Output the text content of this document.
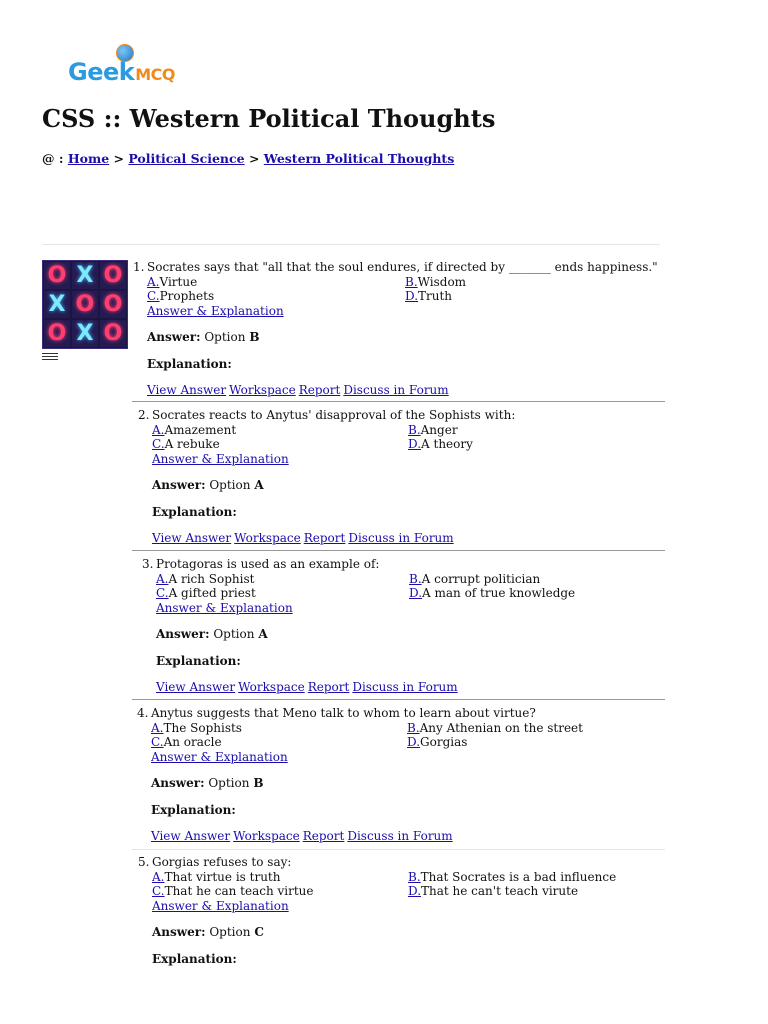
GeekMCQ
CSS :: Western Political Thoughts
@ : Home > Political Science > Western Political Thoughts
O X O
X O O
O X O
1. Socrates says that "all that the soul endures, if directed by _______ ends happiness."
A.Virtue	B.Wisdom
C.Prophets	D.Truth
Answer & Explanation
Answer: Option B
Explanation:
View Answer Workspace Report Discuss in Forum
2. Socrates reacts to Anytus' disapproval of the Sophists with:
A.Amazement	B.Anger
C.A rebuke	D.A theory
Answer & Explanation
Answer: Option A
Explanation:
View Answer Workspace Report Discuss in Forum
3. Protagoras is used as an example of:
A.A rich Sophist	B.A corrupt politician
C.A gifted priest	D.A man of true knowledge
Answer & Explanation
Answer: Option A
Explanation:
View Answer Workspace Report Discuss in Forum
4. Anytus suggests that Meno talk to whom to learn about virtue?
A.The Sophists	B.Any Athenian on the street
C.An oracle	D.Gorgias
Answer & Explanation
Answer: Option B
Explanation:
View Answer Workspace Report Discuss in Forum
5. Gorgias refuses to say:
A.That virtue is truth	B.That Socrates is a bad influence
C.That he can teach virtue	D.That he can't teach virute
Answer & Explanation
Answer: Option C
Explanation:
